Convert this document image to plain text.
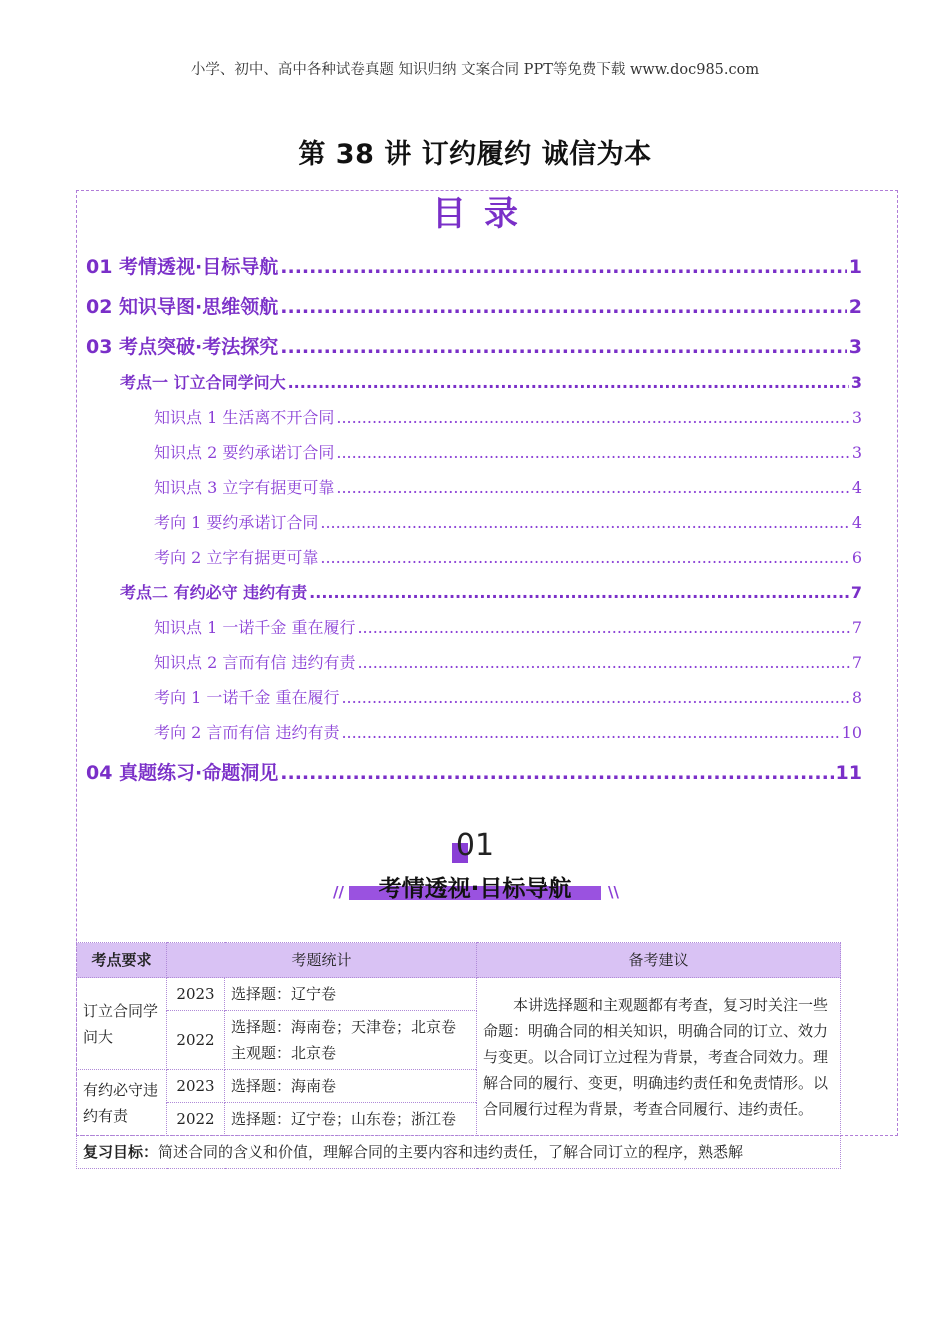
小学、初中、高中各种试卷真题 知识归纳 文案合同 PPT等免费下载 www.doc985.com
第 38 讲 订约履约 诚信为本
目录
01 考情透视·目标导航 .....	1
02 知识导图·思维领航 .....	2
03 考点突破·考法探究 .....	3
考点一 订立合同学问大 .....	3
知识点 1 生活离不开合同 .....	3
知识点 2 要约承诺订合同 .....	3
知识点 3 立字有据更可靠 .....	4
考向 1 要约承诺订合同 .....	4
考向 2 立字有据更可靠 .....	6
考点二 有约必守 违约有责 .....	7
知识点 1 一诺千金 重在履行 .....	7
知识点 2 言而有信 违约有责 .....	7
考向 1 一诺千金 重在履行 .....	8
考向 2 言而有信 违约有责 .....	10
04 真题练习·命题洞见 .....	11
01
考情透视·目标导航
//	\\
考点要求	考题统计		备考建议
订立合同学问大	2023	选择题：辽宁卷	本讲选择题和主观题都有考查，复习时关注一些命题：明确合同的相关知识，明确合同的订立、效力与变更。以合同订立过程为背景，考查合同效力。理解合同的履行、变更，明确违约责任和免责情形。以合同履行过程为背景，考查合同履行、违约责任。
	2022	选择题：海南卷；天津卷；北京卷
主观题：北京卷	

有约必守违约有责	2023	选择题：海南卷	
	2022	选择题：辽宁卷；山东卷；浙江卷	
复习目标：简述合同的含义和价值，理解合同的主要内容和违约责任，了解合同订立的程序，熟悉解			
